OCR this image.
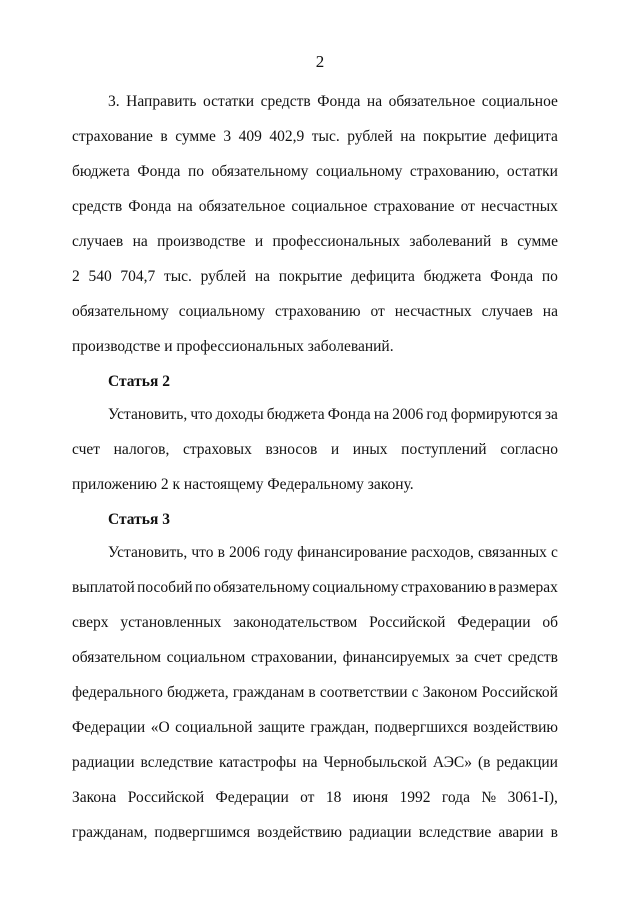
2
3. Направить остатки средств Фонда на обязательное социальное
страхование в сумме 3 409 402,9 тыс. рублей на покрытие дефицита
бюджета Фонда по обязательному социальному страхованию, остатки
средств Фонда на обязательное социальное страхование от несчастных
случаев на производстве и профессиональных заболеваний в сумме
2 540 704,7 тыс. рублей на покрытие дефицита бюджета Фонда по
обязательному социальному страхованию от несчастных случаев на
производстве и профессиональных заболеваний.
Статья 2
Установить, что доходы бюджета Фонда на 2006 год формируются за
счет налогов, страховых взносов и иных поступлений согласно
приложению 2 к настоящему Федеральному закону.
Статья 3
Установить, что в 2006 году финансирование расходов, связанных с
выплатой пособий по обязательному социальному страхованию в размерах
сверх установленных законодательством Российской Федерации об
обязательном социальном страховании, финансируемых за счет средств
федерального бюджета, гражданам в соответствии с Законом Российской
Федерации «О социальной защите граждан, подвергшихся воздействию
радиации вследствие катастрофы на Чернобыльской АЭС» (в редакции
Закона Российской Федерации от 18 июня 1992 года № 3061-I),
гражданам, подвергшимся воздействию радиации вследствие аварии в
